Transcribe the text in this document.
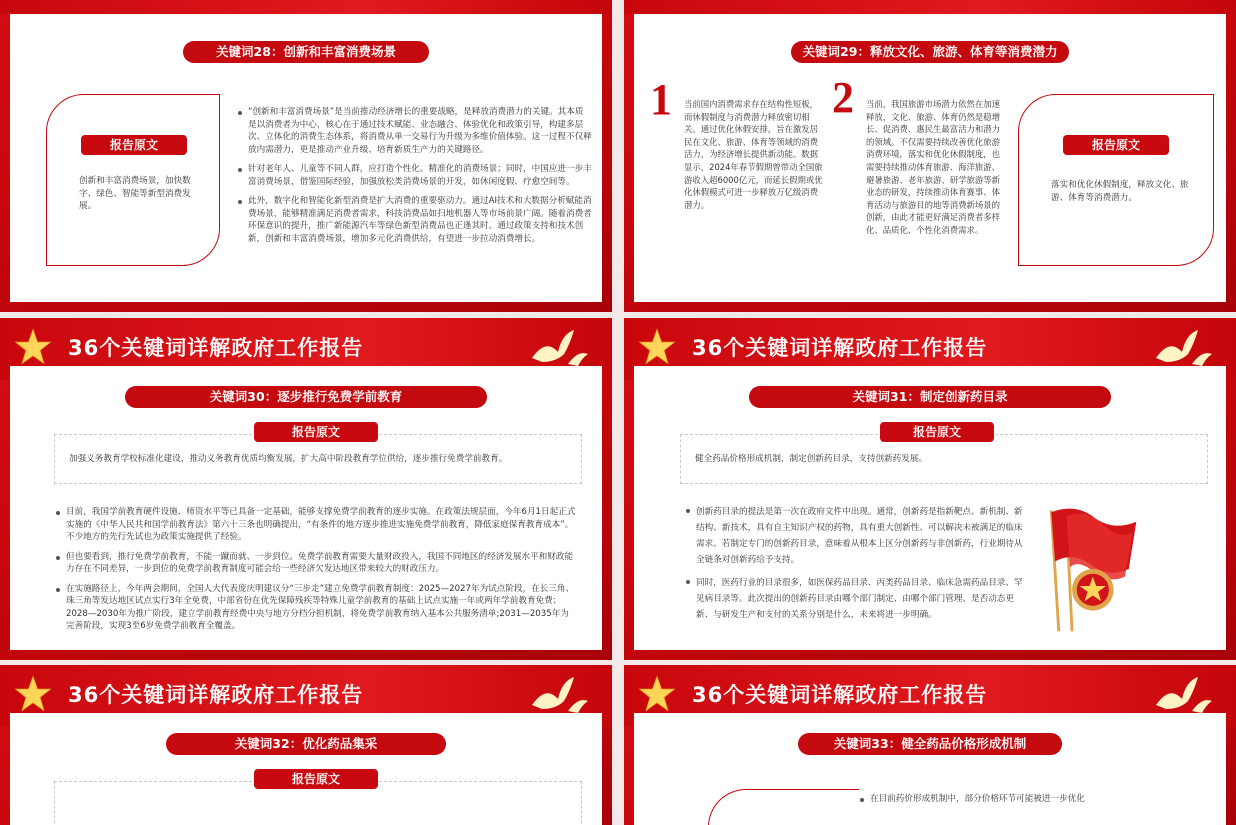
关键词28：创新和丰富消费场景
报告原文
创新和丰富消费场景，加快数字、绿色、智能等新型消费发展。
“创新和丰富消费场景”是当前推动经济增长的重要战略，是释放消费潜力的关键。其本质是以消费者为中心，核心在于通过技术赋能、业态融合、体验优化和政策引导，构建多层次、立体化的消费生态体系，将消费从单一交易行为升级为多维价值体验。这一过程不仅释放内需潜力，更是推动产业升级、培育新质生产力的关键路径。
针对老年人、儿童等不同人群，应打造个性化、精准化的消费场景；同时，中国应进一步丰富消费场景，借鉴国际经验，加强放松类消费场景的开发，如休闲度假、疗愈空间等。
此外，数字化和智能化新型消费是扩大消费的重要驱动力。通过AI技术和大数据分析赋能消费场景，能够精准满足消费者需求，科技消费品如扫地机器人等市场前景广阔。随着消费者环保意识的提升，推广新能源汽车等绿色新型消费品也正逢其时。通过政策支持和技术创新，创新和丰富消费场景，增加多元化消费供给，有望进一步拉动消费增长。
关键词29：释放文化、旅游、体育等消费潜力
1 当前国内消费需求存在结构性短板，而休假制度与消费潜力释放密切相关。通过优化休假安排，旨在激发居民在文化、旅游、体育等领域的消费活力，为经济增长提供新动能。数据显示，2024年春节假期曾带动全国旅游收入超6000亿元，而延长假期或优化休假模式可进一步释放万亿级消费潜力。
2 当前，我国旅游市场潜力依然在加速释放，文化、旅游、体育仍然是稳增长、促消费、惠民生最富活力和潜力的领域。不仅需要持续改善优化旅游消费环境，落实和优化休假制度，也需要持续推动体育旅游、海洋旅游、避暑旅游、老年旅游、研学旅游等新业态的研发，持续推动体育赛事、体育活动与旅游目的地等消费新场景的创新，由此才能更好满足消费者多样化、品质化、个性化消费需求。
报告原文
落实和优化休假制度，释放文化、旅游、体育等消费潜力。
36个关键词详解政府工作报告
关键词30：逐步推行免费学前教育
加强义务教育学校标准化建设，推动义务教育优质均衡发展，扩大高中阶段教育学位供给，逐步推行免费学前教育。
报告原文
目前，我国学前教育硬件设施、师资水平等已具备一定基础，能够支撑免费学前教育的逐步实施。在政策法规层面，今年6月1日起正式实施的《中华人民共和国学前教育法》第六十三条也明确提出，“有条件的地方逐步推进实施免费学前教育，降低家庭保育教育成本”。不少地方的先行先试也为政策实施提供了经验。
但也要看到，推行免费学前教育，不能一蹴而就、一步到位。免费学前教育需要大量财政投入，我国不同地区的经济发展水平和财政能力存在不同差异，一步到位的免费学前教育制度可能会给一些经济欠发达地区带来较大的财政压力。
在实施路径上，今年两会期间，全国人大代表庞庆明建议分“三步走”建立免费学前教育制度：2025—2027年为试点阶段，在长三角、珠三角等发达地区试点实行3年全免费，中部省份在优先保障残疾等特殊儿童学前教育的基础上试点实施一年或两年学前教育免费；2028—2030年为推广阶段，建立学前教育经费中央与地方分档分担机制，将免费学前教育纳入基本公共服务清单;2031—2035年为完善阶段，实现3至6岁免费学前教育全覆盖。
36个关键词详解政府工作报告
关键词31：制定创新药目录
健全药品价格形成机制，制定创新药目录，支持创新药发展。
报告原文
创新药目录的提法是第一次在政府文件中出现。通常，创新药是指新靶点、新机制、新结构、新技术，具有自主知识产权的药物，具有重大创新性、可以解决未被满足的临床需求。若制定专门的创新药目录，意味着从根本上区分创新药与非创新药，行业期待从全链条对创新药给予支持。
同时，医药行业的目录很多，如医保药品目录、丙类药品目录、临床急需药品目录、罕见病目录等。此次提出的创新药目录由哪个部门制定、由哪个部门管理、是否动态更新、与研发生产和支付的关系分别是什么，未来将进一步明确。
36个关键词详解政府工作报告
关键词32：优化药品集采
报告原文
36个关键词详解政府工作报告
关键词33：健全药品价格形成机制
在目前药价形成机制中，部分价格环节可能被进一步优化
